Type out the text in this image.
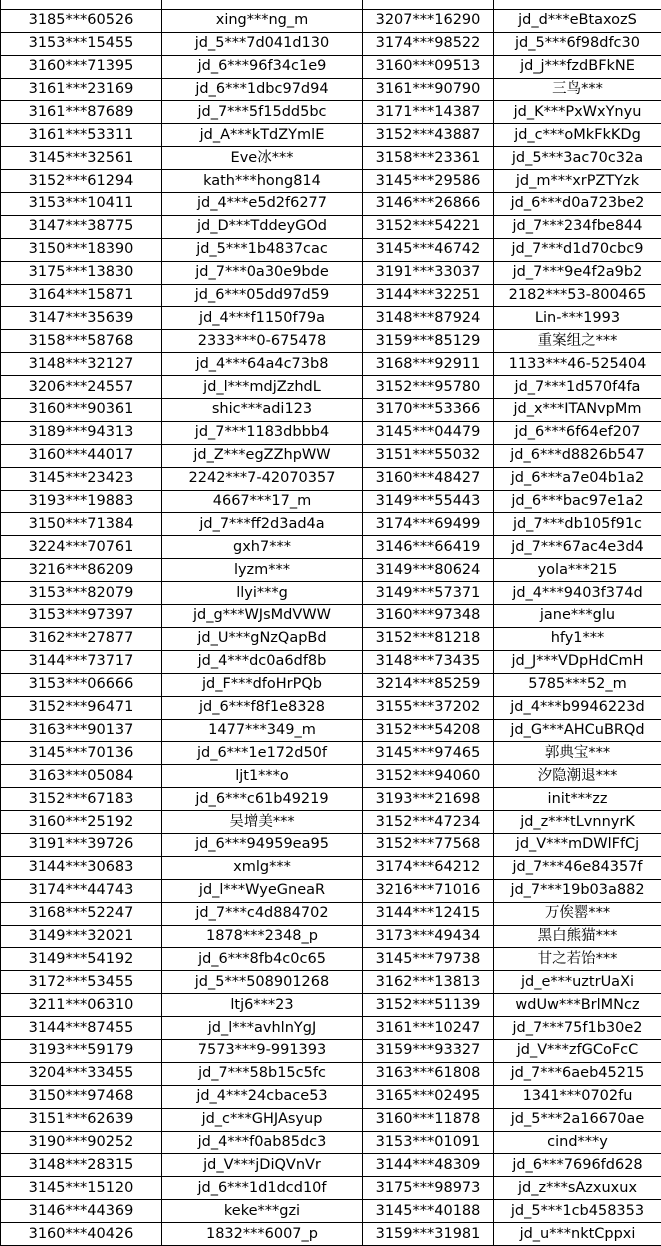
3185***60526	xing***ng_m	3207***16290	jd_d***eBtaxozS
3153***15455	jd_5***7d041d130	3174***98522	jd_5***6f98dfc30
3160***71395	jd_6***96f34c1e9	3160***09513	jd_j***fzdBFkNE
3161***23169	jd_6***1dbc97d94	3161***90790	三鸟***
3161***87689	jd_7***5f15dd5bc	3171***14387	jd_K***PxWxYnyu
3161***53311	jd_A***kTdZYmlE	3152***43887	jd_c***oMkFkKDg
3145***32561	Eve冰***	3158***23361	jd_5***3ac70c32a
3152***61294	kath***hong814	3145***29586	jd_m***xrPZTYzk
3153***10411	jd_4***e5d2f6277	3146***26866	jd_6***d0a723be2
3147***38775	jd_D***TddeyGOd	3152***54221	jd_7***234fbe844
3150***18390	jd_5***1b4837cac	3145***46742	jd_7***d1d70cbc9
3175***13830	jd_7***0a30e9bde	3191***33037	jd_7***9e4f2a9b2
3164***15871	jd_6***05dd97d59	3144***32251	2182***53-800465
3147***35639	jd_4***f1150f79a	3148***87924	Lin-***1993
3158***58768	2333***0-675478	3159***85129	重案组之***
3148***32127	jd_4***64a4c73b8	3168***92911	1133***46-525404
3206***24557	jd_l***mdjZzhdL	3152***95780	jd_7***1d570f4fa
3160***90361	shic***adi123	3170***53366	jd_x***ITANvpMm
3189***94313	jd_7***1183dbbb4	3145***04479	jd_6***6f64ef207
3160***44017	jd_Z***egZZhpWW	3151***55032	jd_6***d8826b547
3145***23423	2242***7-42070357	3160***48427	jd_6***a7e04b1a2
3193***19883	4667***17_m	3149***55443	jd_6***bac97e1a2
3150***71384	jd_7***ff2d3ad4a	3174***69499	jd_7***db105f91c
3224***70761	gxh7***	3146***66419	jd_7***67ac4e3d4
3216***86209	lyzm***	3149***80624	yola***215
3153***82079	llyi***g	3149***57371	jd_4***9403f374d
3153***97397	jd_g***WJsMdVWW	3160***97348	jane***glu
3162***27877	jd_U***gNzQapBd	3152***81218	hfy1***
3144***73717	jd_4***dc0a6df8b	3148***73435	jd_J***VDpHdCmH
3153***06666	jd_F***dfoHrPQb	3214***85259	5785***52_m
3152***96471	jd_6***f8f1e8328	3155***37202	jd_4***b9946223d
3163***90137	1477***349_m	3152***54208	jd_G***AHCuBRQd
3145***70136	jd_6***1e172d50f	3145***97465	郭典宝***
3163***05084	ljt1***o	3152***94060	汐隐潮退***
3152***67183	jd_6***c61b49219	3193***21698	init***zz
3160***25192	吴增美***	3152***47234	jd_z***tLvnnyrK
3191***39726	jd_6***94959ea95	3152***77568	jd_V***mDWlFfCj
3144***30683	xmlg***	3174***64212	jd_7***46e84357f
3174***44743	jd_l***WyeGneaR	3216***71016	jd_7***19b03a882
3168***52247	jd_7***c4d884702	3144***12415	万俟罂***
3149***32021	1878***2348_p	3173***49434	黑白熊猫***
3149***54192	jd_6***8fb4c0c65	3145***79738	甘之若饴***
3172***53455	jd_5***508901268	3162***13813	jd_e***uztrUaXi
3211***06310	ltj6***23	3152***51139	wdUw***BrlMNcz
3144***87455	jd_l***avhlnYgJ	3161***10247	jd_7***75f1b30e2
3193***59179	7573***9-991393	3159***93327	jd_V***zfGCoFcC
3204***33455	jd_7***58b15c5fc	3163***61808	jd_7***6aeb45215
3150***97468	jd_4***24cbace53	3165***02495	1341***0702fu
3151***62639	jd_c***GHJAsyup	3160***11878	jd_5***2a16670ae
3190***90252	jd_4***f0ab85dc3	3153***01091	cind***y
3148***28315	jd_V***jDiQVnVr	3144***48309	jd_6***7696fd628
3145***15120	jd_6***1d1dcd10f	3175***98973	jd_z***sAzxuxux
3146***44369	keke***gzi	3145***40188	jd_5***1cb458353
3160***40426	1832***6007_p	3159***31981	jd_u***nktCppxi
